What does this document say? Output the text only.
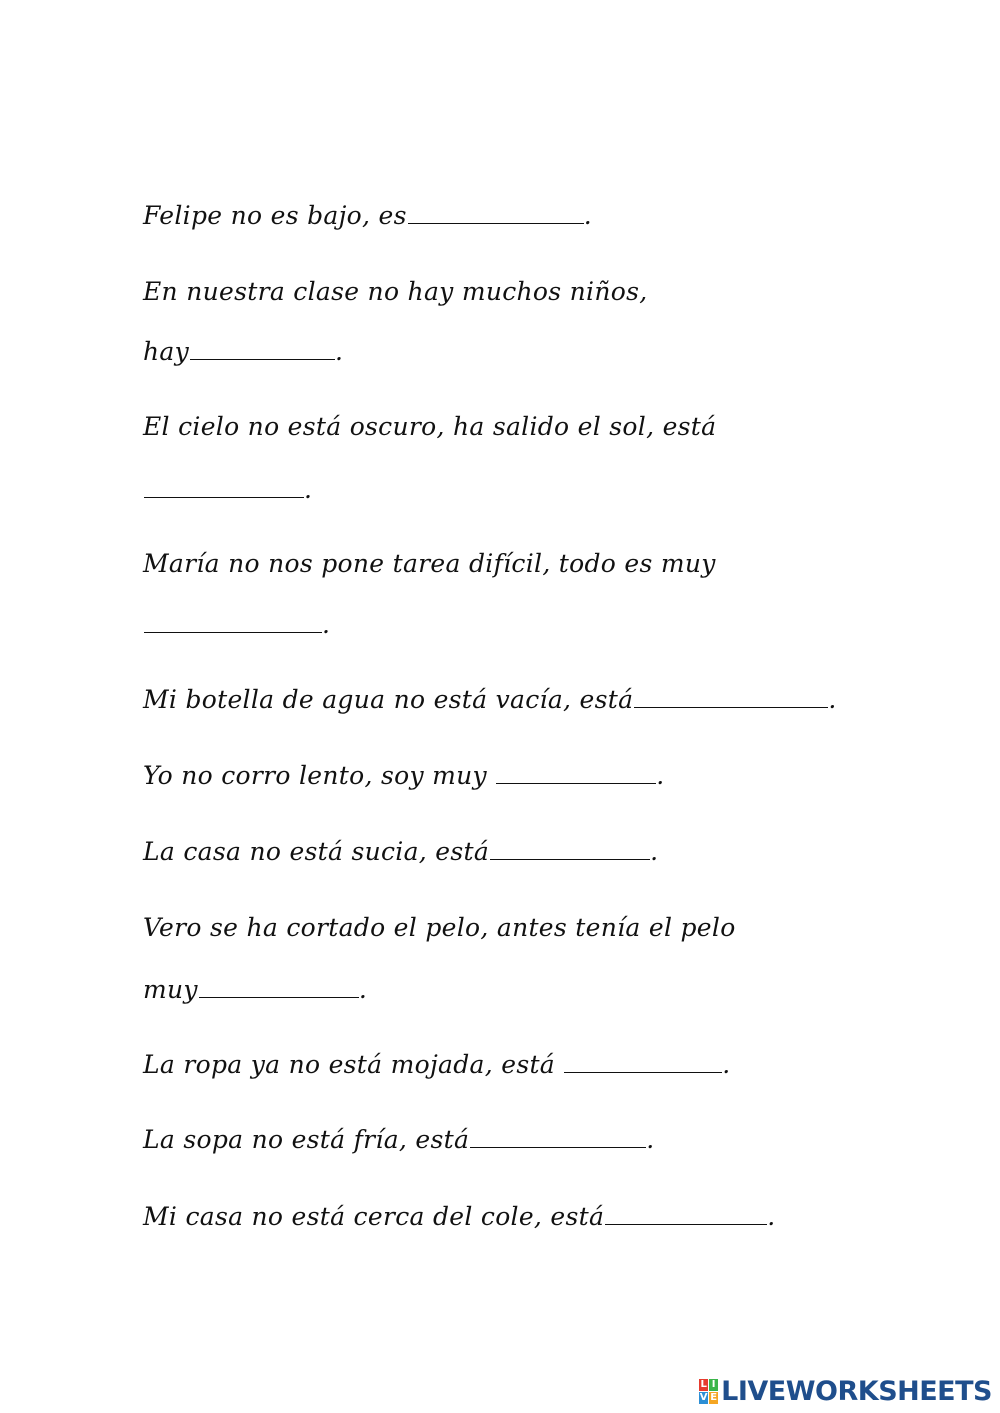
Felipe no es bajo, es	.
En nuestra clase no hay muchos niños,
hay	.
El cielo no está oscuro, ha salido el sol, está
.
María no nos pone tarea difícil, todo es muy
.
Mi botella de agua no está vacía, está	.
Yo no corro lento, soy muy	.
La casa no está sucia, está	.
Vero se ha cortado el pelo, antes tenía el pelo
muy	.
La ropa ya no está mojada, está	.
La sopa no está fría, está	.
Mi casa no está cerca del cole, está	.
L I
V E LIVEWORKSHEETS
